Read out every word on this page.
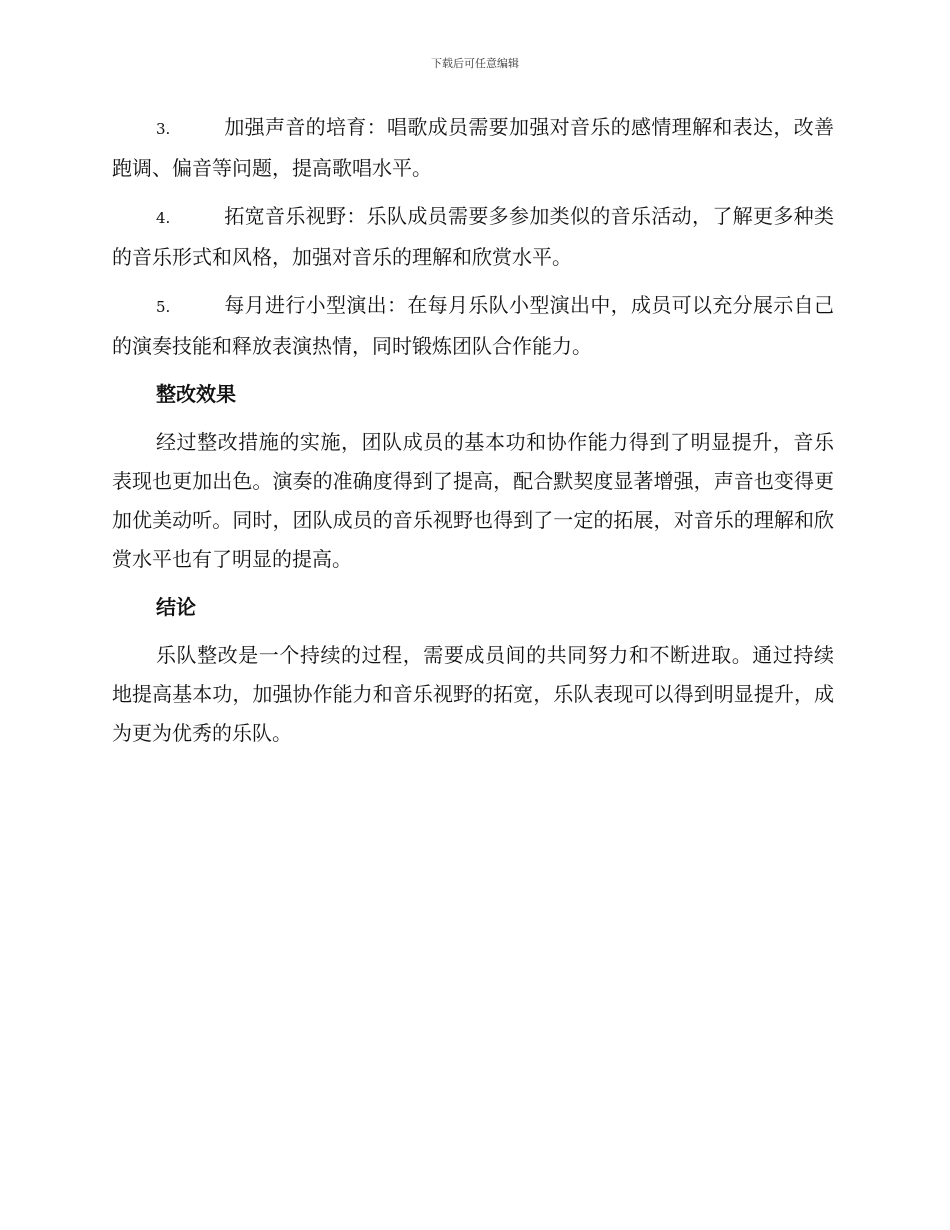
下载后可任意编辑

3.	加强声音的培育：唱歌成员需要加强对音乐的感情理解和表达，改善跑调、偏音等问题，提高歌唱水平。

4.	拓宽音乐视野：乐队成员需要多参加类似的音乐活动，了解更多种类的音乐形式和风格，加强对音乐的理解和欣赏水平。

5.	每月进行小型演出：在每月乐队小型演出中，成员可以充分展示自己的演奏技能和释放表演热情，同时锻炼团队合作能力。

整改效果

经过整改措施的实施，团队成员的基本功和协作能力得到了明显提升，音乐表现也更加出色。演奏的准确度得到了提高，配合默契度显著增强，声音也变得更加优美动听。同时，团队成员的音乐视野也得到了一定的拓展，对音乐的理解和欣赏水平也有了明显的提高。

结论

乐队整改是一个持续的过程，需要成员间的共同努力和不断进取。通过持续地提高基本功，加强协作能力和音乐视野的拓宽，乐队表现可以得到明显提升，成为更为优秀的乐队。
